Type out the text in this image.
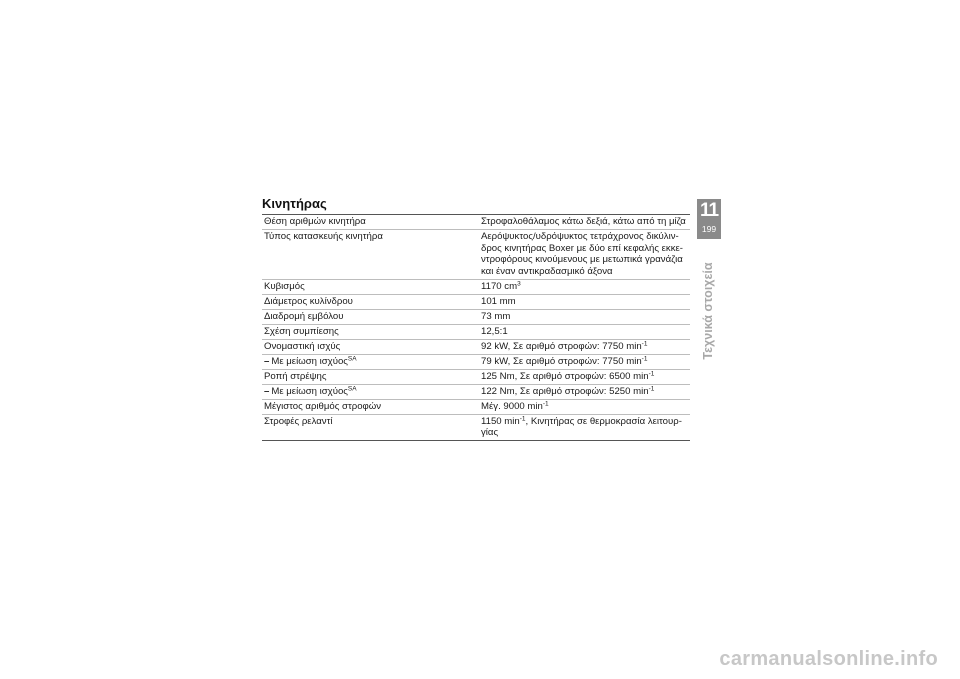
Κινητήρας
Θέση αριθμών κινητήρα	Στροφαλοθάλαμος κάτω δεξιά, κάτω από τη μίζα
Τύπος κατασκευής κινητήρα	Αερόψυκτος/υδρόψυκτος τετράχρονος δικύλιν-δρος κινητήρας Boxer με δύο επί κεφαλής εκκε-ντροφόρους κινούμενους με μετωπικά γρανάζια και έναν αντικραδασμικό άξονα
Κυβισμός	1170 $cm^3$
Διάμετρος κυλίνδρου	101 mm
Διαδρομή εμβόλου	73 mm
Σχέση συμπίεσης	12,5:1
Ονομαστική ισχύς	92 kW, Σε αριθμό στροφών: 7750 $\min^{-1}$
– Με μείωση ισχύος$^{SA}$	79 kW, Σε αριθμό στροφών: 7750 $\min^{-1}$
Ροπή στρέψης	125 Nm, Σε αριθμό στροφών: 6500 $\min^{-1}$
– Με μείωση ισχύος$^{SA}$	122 Nm, Σε αριθμό στροφών: 5250 $\min^{-1}$
Μέγιστος αριθμός στροφών	Μέγ. 9000 $\min^{-1}$
Στροφές ρελαντί	1150 $\min^{-1}$, Κινητήρας σε θερμοκρασία λειτουρ-γίας
11
199
Τεχνικά στοιχεία
carmanualsonline.info
